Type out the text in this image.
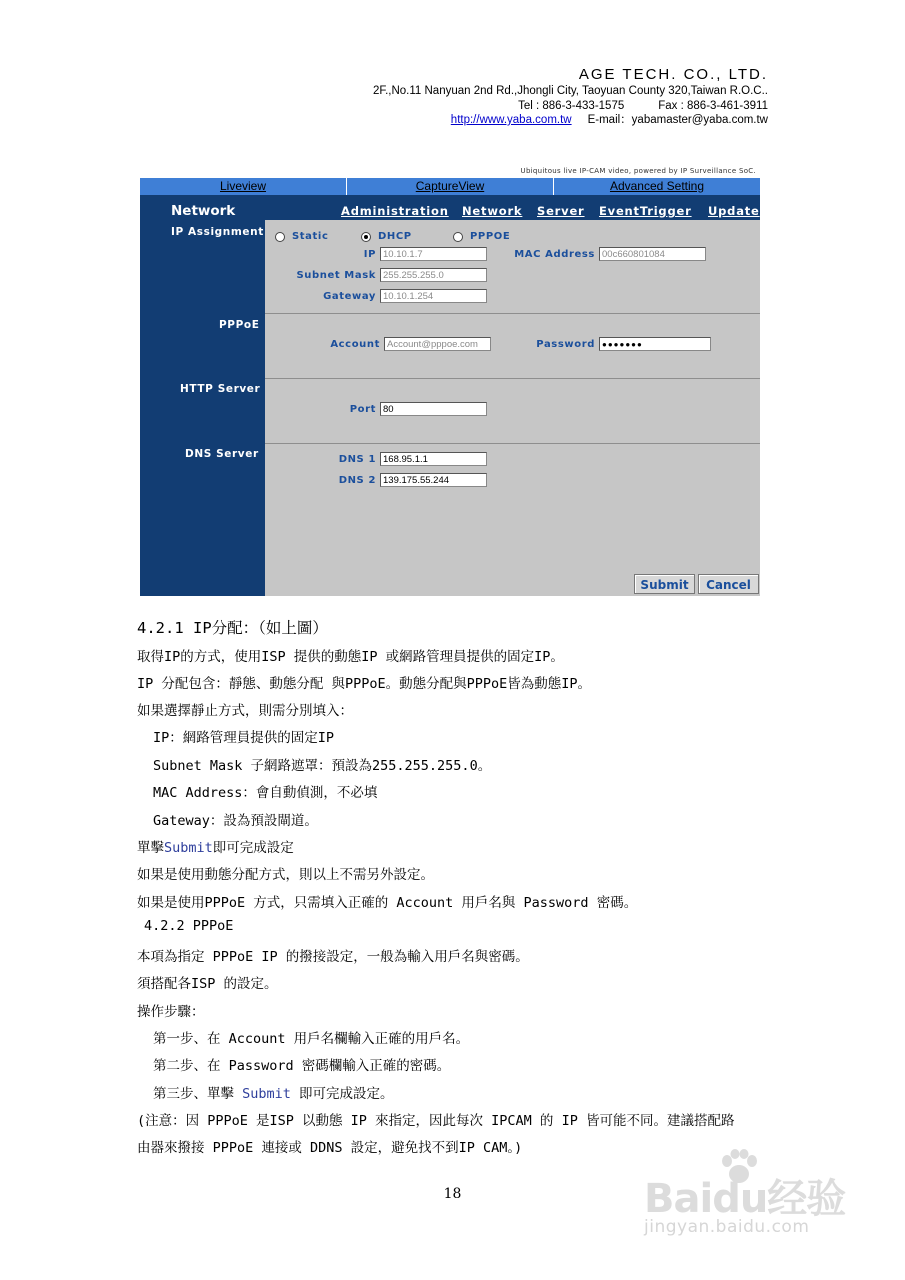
AGE TECH. CO., LTD.
2F.,No.11 Nanyuan 2nd Rd.,Jhongli City, Taoyuan County 320,Taiwan R.O.C..
Tel : 886-3-433-1575	Fax : 886-3-461-3911
http://www.yaba.com.tw E-mail：yabamaster@yaba.com.tw
Ubiquitous live IP-CAM video, powered by IP Surveillance SoC.
Liveview	CaptureView	Advanced Setting
Network
IP Assignment
PPPoE
HTTP Server
DNS Server
Administration Network Server EventTrigger Update
Static	DHCP	PPPOE
IP 10.10.1.7
Subnet Mask 255.255.255.0
Gateway 10.10.1.254
MAC Address 00c660801084
Account Account@pppoe.com	Password ●●●●●●●
Port 80
DNS 1 168.95.1.1
DNS 2 139.175.55.244
Submit	Cancel
4.2.1 IP分配：（如上圖）
取得IP的方式，使用ISP 提供的動態IP 或網路管理員提供的固定IP。
IP 分配包含：靜態、動態分配 與PPPoE。動態分配與PPPoE皆為動態IP。
如果選擇靜止方式，則需分別填入：
IP：網路管理員提供的固定IP
Subnet Mask 子網路遮罩：預設為255.255.255.0。
MAC Address：會自動偵測，不必填
Gateway：設為預設閘道。
單擊Submit即可完成設定
如果是使用動態分配方式，則以上不需另外設定。
如果是使用PPPoE 方式，只需填入正確的 Account 用戶名與 Password 密碼。
4.2.2 PPPoE
本項為指定 PPPoE IP 的撥接設定，一般為輸入用戶名與密碼。
須搭配各ISP 的設定。
操作步驟：
第一步、在 Account 用戶名欄輸入正確的用戶名。
第二步、在 Password 密碼欄輸入正確的密碼。
第三步、單擊 Submit 即可完成設定。
(注意：因 PPPoE 是ISP 以動態 IP 來指定，因此每次 IPCAM 的 IP 皆可能不同。建議搭配路
由器來撥接 PPPoE 連接或 DDNS 設定，避免找不到IP CAM。)
18	Baidu经验
jingyan.baidu.com
